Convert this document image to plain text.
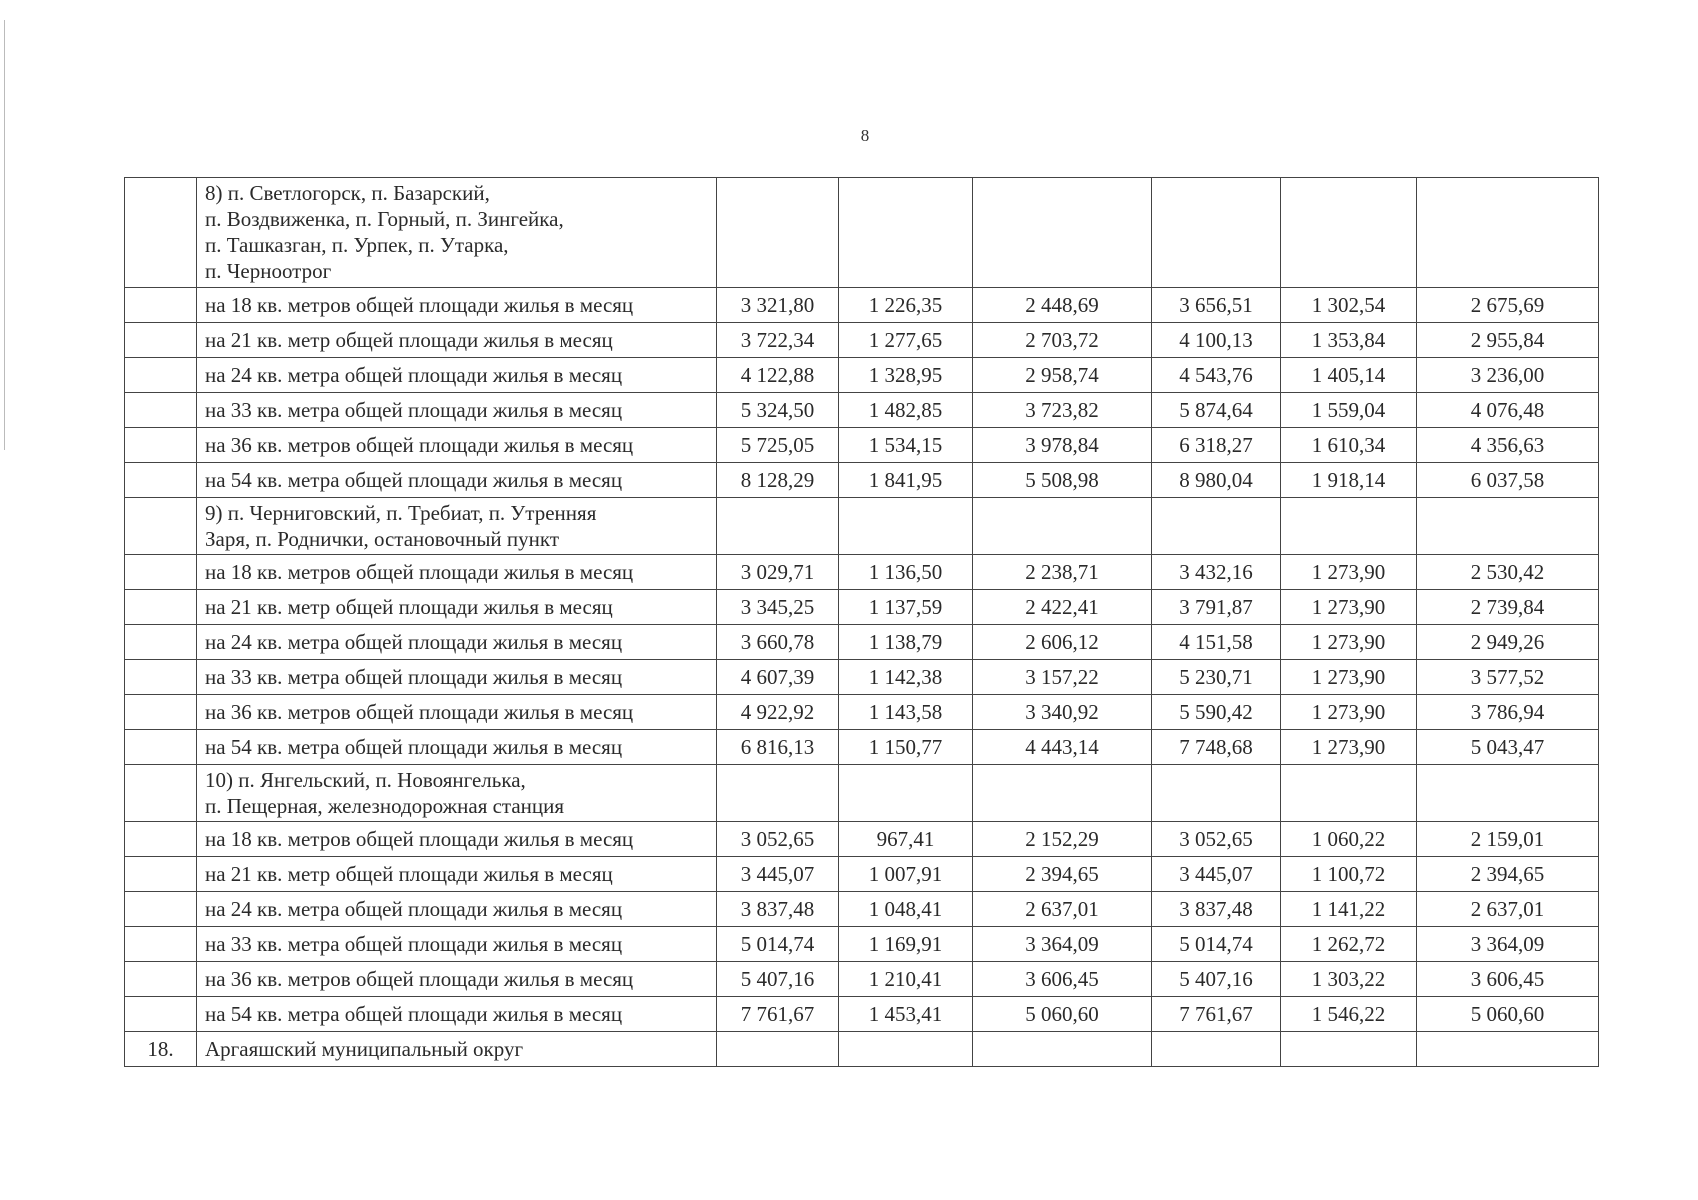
8

	8) п. Светлогорск, п. Базарский,
п. Воздвиженка, п. Горный, п. Зингейка,
п. Ташказган, п. Урпек, п. Утарка,
п. Черноотрог						

	на 18 кв. метров общей площади жилья в месяц	3 321,80	1 226,35	2 448,69	3 656,51	1 302,54	2 675,69
	на 21 кв. метр общей площади жилья в месяц	3 722,34	1 277,65	2 703,72	4 100,13	1 353,84	2 955,84
	на 24 кв. метра общей площади жилья в месяц	4 122,88	1 328,95	2 958,74	4 543,76	1 405,14	3 236,00
	на 33 кв. метра общей площади жилья в месяц	5 324,50	1 482,85	3 723,82	5 874,64	1 559,04	4 076,48
	на 36 кв. метров общей площади жилья в месяц	5 725,05	1 534,15	3 978,84	6 318,27	1 610,34	4 356,63
	на 54 кв. метра общей площади жилья в месяц	8 128,29	1 841,95	5 508,98	8 980,04	1 918,14	6 037,58

	9) п. Черниговский, п. Требиат, п. Утренняя
Заря, п. Роднички, остановочный пункт						

	на 18 кв. метров общей площади жилья в месяц	3 029,71	1 136,50	2 238,71	3 432,16	1 273,90	2 530,42
	на 21 кв. метр общей площади жилья в месяц	3 345,25	1 137,59	2 422,41	3 791,87	1 273,90	2 739,84
	на 24 кв. метра общей площади жилья в месяц	3 660,78	1 138,79	2 606,12	4 151,58	1 273,90	2 949,26
	на 33 кв. метра общей площади жилья в месяц	4 607,39	1 142,38	3 157,22	5 230,71	1 273,90	3 577,52
	на 36 кв. метров общей площади жилья в месяц	4 922,92	1 143,58	3 340,92	5 590,42	1 273,90	3 786,94
	на 54 кв. метра общей площади жилья в месяц	6 816,13	1 150,77	4 443,14	7 748,68	1 273,90	5 043,47

	10) п. Янгельский, п. Новоянгелька,
п. Пещерная, железнодорожная станция						

	на 18 кв. метров общей площади жилья в месяц	3 052,65	967,41	2 152,29	3 052,65	1 060,22	2 159,01
	на 21 кв. метр общей площади жилья в месяц	3 445,07	1 007,91	2 394,65	3 445,07	1 100,72	2 394,65
	на 24 кв. метра общей площади жилья в месяц	3 837,48	1 048,41	2 637,01	3 837,48	1 141,22	2 637,01
	на 33 кв. метра общей площади жилья в месяц	5 014,74	1 169,91	3 364,09	5 014,74	1 262,72	3 364,09
	на 36 кв. метров общей площади жилья в месяц	5 407,16	1 210,41	3 606,45	5 407,16	1 303,22	3 606,45
	на 54 кв. метра общей площади жилья в месяц	7 761,67	1 453,41	5 060,60	7 761,67	1 546,22	5 060,60
18.	Аргаяшский муниципальный округ						
